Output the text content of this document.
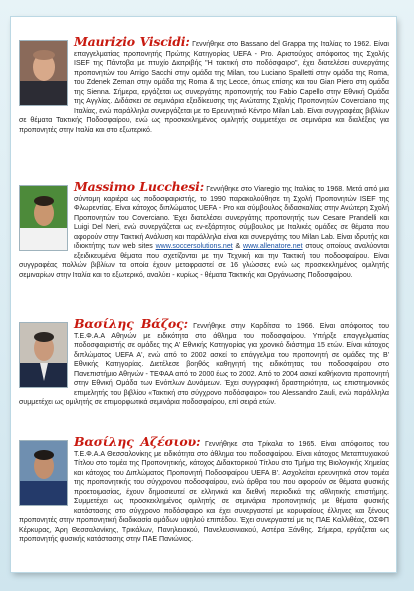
Maurizio Viscidi: Γεννήθηκε στο Bassano del Grappa της Ιταλίας το 1962. Είναι επαγγελματίας προπονητής Πρώτης Κατηγορίας UEFA - Pro. Αριστούχος απόφοιτος της Σχολής ISEF της Πάντοβα με πτυχίο Διατριβής "Η τακτική στο ποδόσφαιρο", έχει διατελέσει συνεργάτης προπονητών του Arrigo Sacchi στην ομάδα της Milan, του Luciano Spalletti στην ομάδα της Roma, του Zdenek Zeman στην ομάδα της Roma & της Lecce, όπως επίσης και του Gian Piero στη ομάδα της Sienna. Σήμερα, εργάζεται ως συνεργάτης προπονητής του Fabio Capello στην Εθνική Ομάδα της Αγγλίας. Διδάσκει σε σεμινάρια εξειδίκευσης της Ανώτατης Σχολής Προπονητών Coverciano της Ιταλίας, ενώ παράλληλα συνεργάζεται με το Ερευνητικό Κέντρο Milan Lab. Είναι συγγραφέας βιβλίων σε θέματα Τακτικής Ποδοσφαίρου, ενώ ως προσκεκλημένος ομιλητής συμμετέχει σε σεμινάρια και διαλέξεις για προπονητές στην Ιταλία και στο εξωτερικό.
Massimo Lucchesi: Γεννήθηκε στο Viaregio της Ιταλίας το 1968. Μετά από μια σύντομη καριέρα ως ποδοσφαιριστής, το 1990 παρακολούθησε τη Σχολή Προπονητών ISEF της Φλωρεντίας. Είναι κάτοχος διπλώματος UEFA - Pro και σύμβουλος διδασκαλίας στην Ανώτερη Σχολή Προπονητών του Coverciano. Έχει διατελέσει συνεργάτης προπονητής των Cesare Prandelli και Luigi Del Neri, ενώ συνεργάζεται ως εν-εξάρτητος σύμβουλος με Ιταλικές ομάδες σε θέματα που αφορούν στην Τακτική Ανάλυση και παράλληλα είναι και συνεργάτης του Milan Lab. Είναι ιδρυτής και ιδιοκτήτης των web sites www.soccersolutions.net & www.allenatore.net στους οποίους αναλύονται εξειδικευμένα θέματα που σχετίζονται με την Τεχνική και την Τακτική του ποδοσφαίρου. Είναι συγγραφέας πολλών βιβλίων τα οποία έχουν μεταφραστεί σε 16 γλώσσες ενώ ως προσκεκλημένος ομιλητής σεμιναρίων στην Ιταλία και το εξωτερικό, αναλύει - κυρίως - θέματα Τακτικής και Οργάνωσης Ποδοσφαίρου.
Βασίλης Βάζος: Γεννήθηκε στην Καρδίτσα το 1966. Είναι απόφοιτος του Τ.Ε.Φ.Α.Α Αθηνών με ειδικότητα στο άθλημα του ποδοσφαίρου. Υπήρξε επαγγελματίας ποδοσφαιριστής σε ομάδες της Α' Εθνικής Κατηγορίας για χρονικό διάστημα 15 ετών. Είναι κάτοχος διπλώματος UEFA A', ενώ από το 2002 ασκεί το επάγγελμα του προπονητή σε ομάδες της Β' Εθνικής Κατηγορίας. Διετέλεσε βοηθός καθηγητή της ειδικότητας του ποδοσφαίρου στο Πανεπιστήμιο Αθηνών - ΤΕΦΑΑ από το 2000 έως το 2002. Από το 2004 ασκεί καθήκοντα προπονητή στην Εθνική Ομάδα των Ενόπλων Δυνάμεων. Έχει συγγραφική δραστηριότητα, ως επιστημονικός επιμελητής του βιβλίου «Τακτική στο σύγχρονο ποδόσφαιρο» του Alessandro Zauli, ενώ παράλληλα συμμετέχει ως ομιλητής σε επιμορφωτικά σεμινάρια ποδοσφαίρου, επί σειρά ετών.
Βασίλης Αζέσιου: Γεννήθηκε στα Τρίκαλα το 1965. Είναι απόφοιτος του Τ.Ε.Φ.Α.Α Θεσσαλονίκης με ειδικότητα στο άθλημα του ποδοσφαίρου. Είναι κάτοχος Μεταπτυχιακού Τίτλου στο τομέα της Προπονητικής, κάτοχος Διδακτορικού Τίτλου στο Τμήμα της Βιολογικής Χημείας και κάτοχος του Διπλώματος Προπονητή Ποδοσφαίρου UEFA Β'. Ασχολείται ερευνητικά στον τομέα της προπονητικής του σύγχρονου ποδοσφαίρου, ενώ άρθρα του που αφορούν σε θέματα φυσικής προετοιμασίας, έχουν δημοσιευτεί σε ελληνικά και διεθνή περιοδικά της αθλητικής επιστήμης. Συμμετέχει ως προσκεκλημένος ομιλητής σε σεμινάρια προπονητικής με θέματα φυσικής κατάστασης στο σύγχρονο ποδόσφαιρο και έχει συνεργαστεί με κορυφαίους έλληνες και ξένους προπονητές στην προπονητική διαδικασία ομάδων υψηλού επιπέδου. Έχει συνεργαστεί με τις ΠΑΕ Καλλιθέας, ΟΣΦΠ Κέρκυρας, Άρη Θεσσαλονίκης, Τρικάλων, Πανηλειακού, Πανελευσινιακού, Αστέρα Ξάνθης. Σήμερα, εργάζεται ως προπονητής φυσικής κατάστασης στην ΠΑΕ Πανιώνιος.
